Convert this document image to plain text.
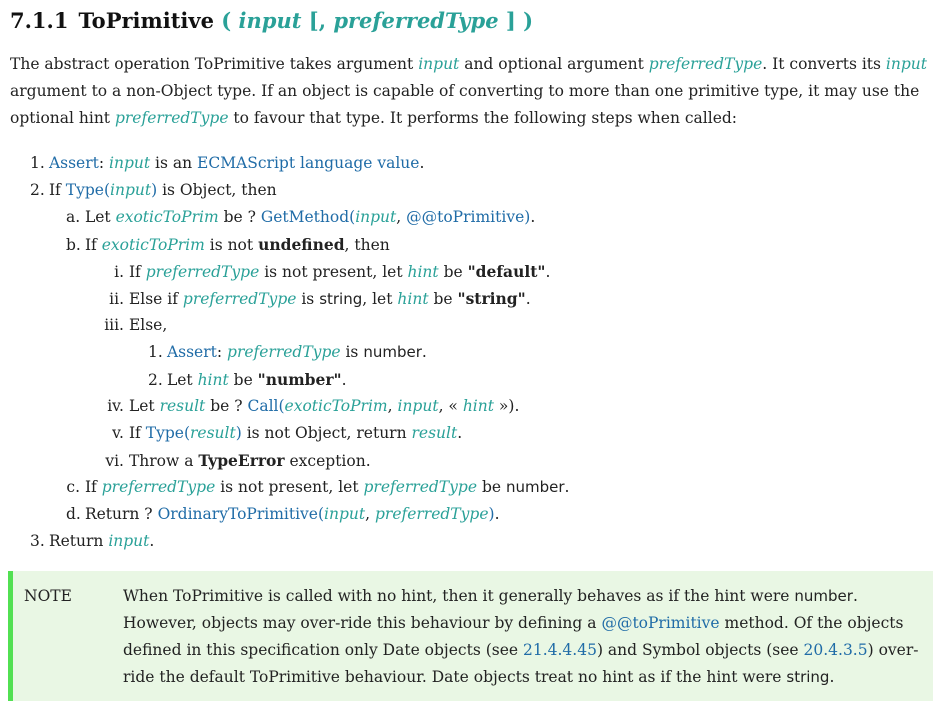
7.1.1 ToPrimitive ( input [, preferredType ] )

The abstract operation ToPrimitive takes argument input and optional argument preferredType. It converts its input argument to a non-Object type. If an object is capable of converting to more than one primitive type, it may use the optional hint preferredType to favour that type. It performs the following steps when called:

1. Assert: input is an ECMAScript language value.

2. If Type(input) is Object, then

a. Let exoticToPrim be ? GetMethod(input, @@toPrimitive).

b. If exoticToPrim is not undefined, then

i. If preferredType is not present, let hint be "default".

ii. Else if preferredType is string, let hint be "string".

iii. Else,

1. Assert: preferredType is number.

2. Let hint be "number".

iv. Let result be ? Call(exoticToPrim, input, « hint »).

v. If Type(result) is not Object, return result.

vi. Throw a TypeError exception.

c. If preferredType is not present, let preferredType be number.

d. Return ? OrdinaryToPrimitive(input, preferredType).

3. Return input.

NOTE	When ToPrimitive is called with no hint, then it generally behaves as if the hint were number. However, objects may over-ride this behaviour by defining a @@toPrimitive method. Of the objects defined in this specification only Date objects (see 21.4.4.45) and Symbol objects (see 20.4.3.5) over-ride the default ToPrimitive behaviour. Date objects treat no hint as if the hint were string.
